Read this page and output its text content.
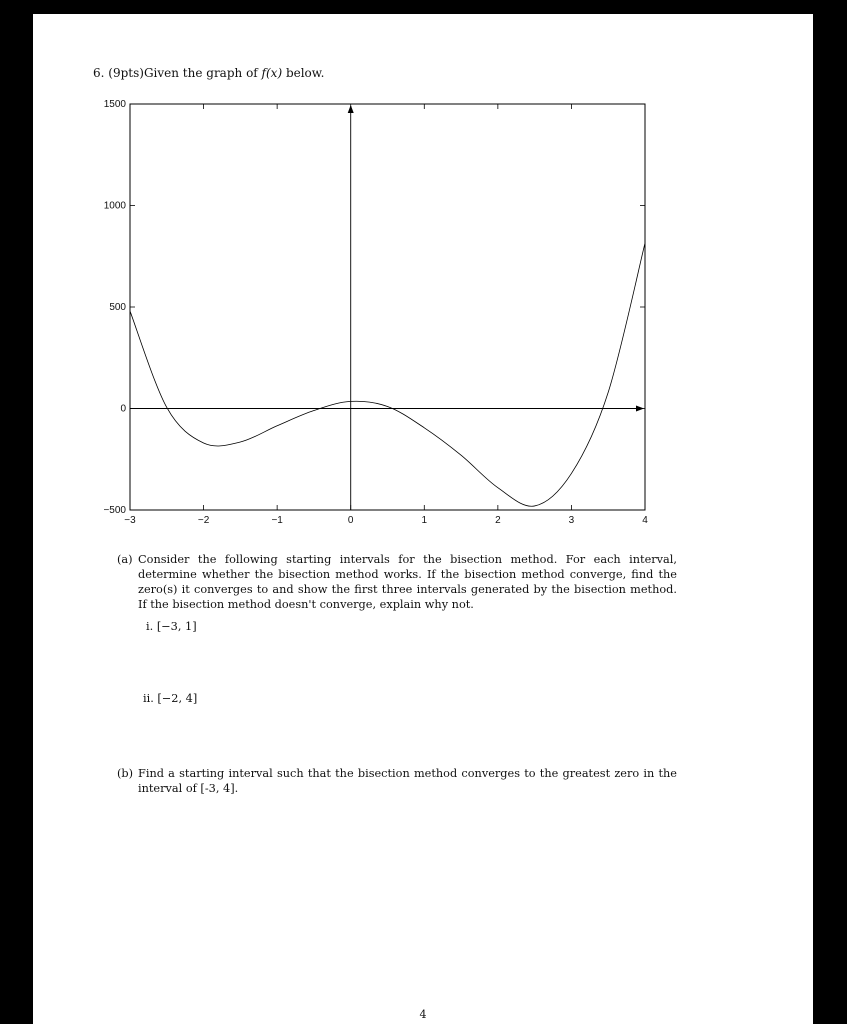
6. (9pts)Given the graph of f(x) below.
−3	−2	−1	0	1	2	3	4
−500
0
500
1000
1500
(a) Consider the following starting intervals for the bisection method. For each interval, determine whether the bisection method works. If the bisection method converge, find the zero(s) it converges to and show the first three intervals generated by the bisection method. If the bisection method doesn't converge, explain why not.
i. [−3, 1]
ii. [−2, 4]
(b) Find a starting interval such that the bisection method converges to the greatest zero in the interval of [-3, 4].
4
